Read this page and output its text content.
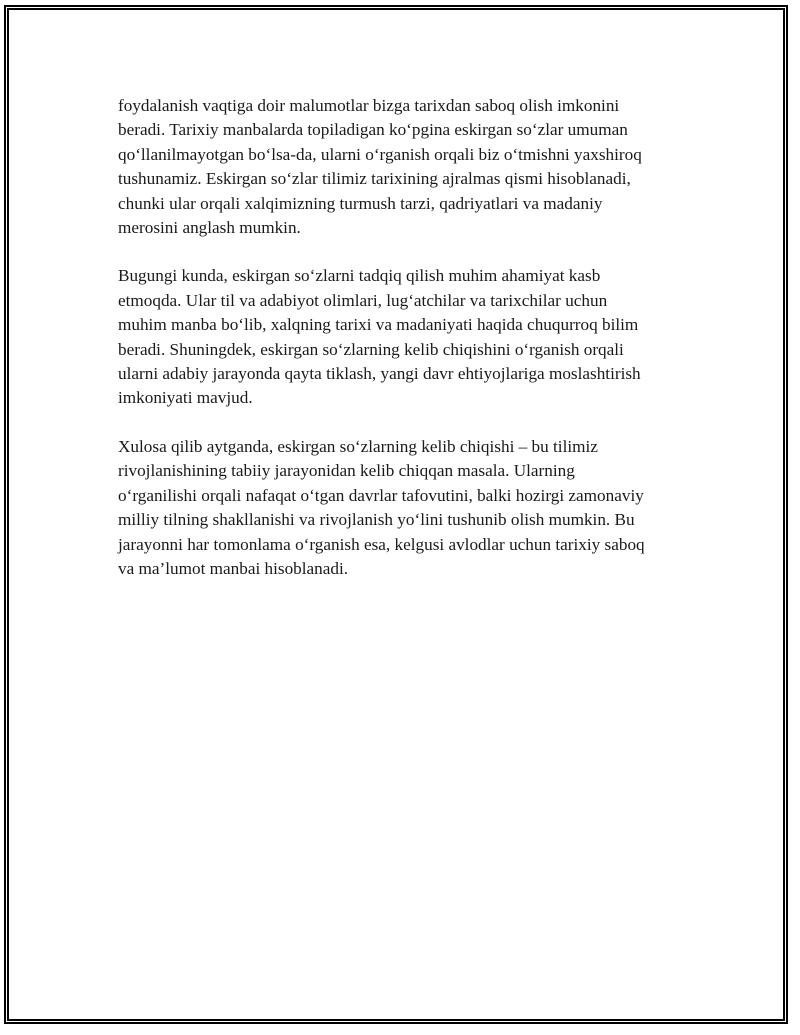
foydalanish vaqtiga doir malumotlar bizga tarixdan saboq olish imkonini
beradi. Tarixiy manbalarda topiladigan ko‘pgina eskirgan so‘zlar umuman
qo‘llanilmayotgan bo‘lsa-da, ularni o‘rganish orqali biz o‘tmishni yaxshiroq
tushunamiz. Eskirgan so‘zlar tilimiz tarixining ajralmas qismi hisoblanadi,
chunki ular orqali xalqimizning turmush tarzi, qadriyatlari va madaniy
merosini anglash mumkin.

Bugungi kunda, eskirgan so‘zlarni tadqiq qilish muhim ahamiyat kasb
etmoqda. Ular til va adabiyot olimlari, lug‘atchilar va tarixchilar uchun
muhim manba bo‘lib, xalqning tarixi va madaniyati haqida chuqurroq bilim
beradi. Shuningdek, eskirgan so‘zlarning kelib chiqishini o‘rganish orqali
ularni adabiy jarayonda qayta tiklash, yangi davr ehtiyojlariga moslashtirish
imkoniyati mavjud.

Xulosa qilib aytganda, eskirgan so‘zlarning kelib chiqishi – bu tilimiz
rivojlanishining tabiiy jarayonidan kelib chiqqan masala. Ularning
o‘rganilishi orqali nafaqat o‘tgan davrlar tafovutini, balki hozirgi zamonaviy
milliy tilning shakllanishi va rivojlanish yo‘lini tushunib olish mumkin. Bu
jarayonni har tomonlama o‘rganish esa, kelgusi avlodlar uchun tarixiy saboq
va ma’lumot manbai hisoblanadi.
